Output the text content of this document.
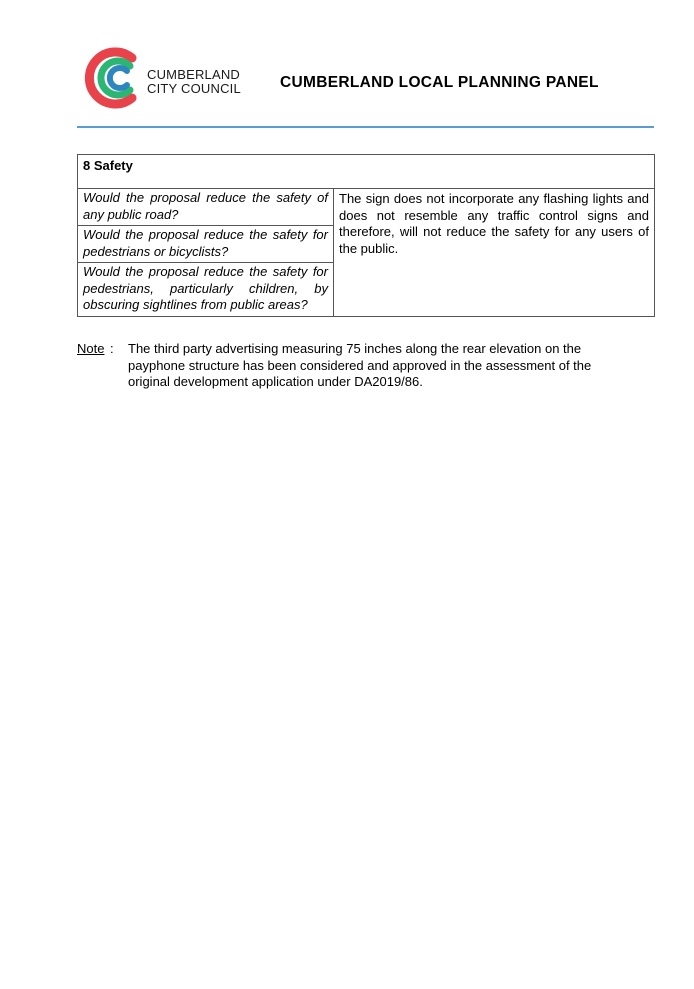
CUMBERLAND
CITY COUNCIL	CUMBERLAND LOCAL PLANNING PANEL
8 Safety
Would the proposal reduce the safety of any public road?	The sign does not incorporate any flashing lights and does not resemble any traffic control signs and therefore, will not reduce the safety for any users of the public.
Would the proposal reduce the safety for pedestrians or bicyclists?
Would the proposal reduce the safety for pedestrians, particularly children, by obscuring sightlines from public areas?
Note : The third party advertising measuring 75 inches along the rear elevation on the payphone structure has been considered and approved in the assessment of the original development application under DA2019/86.
